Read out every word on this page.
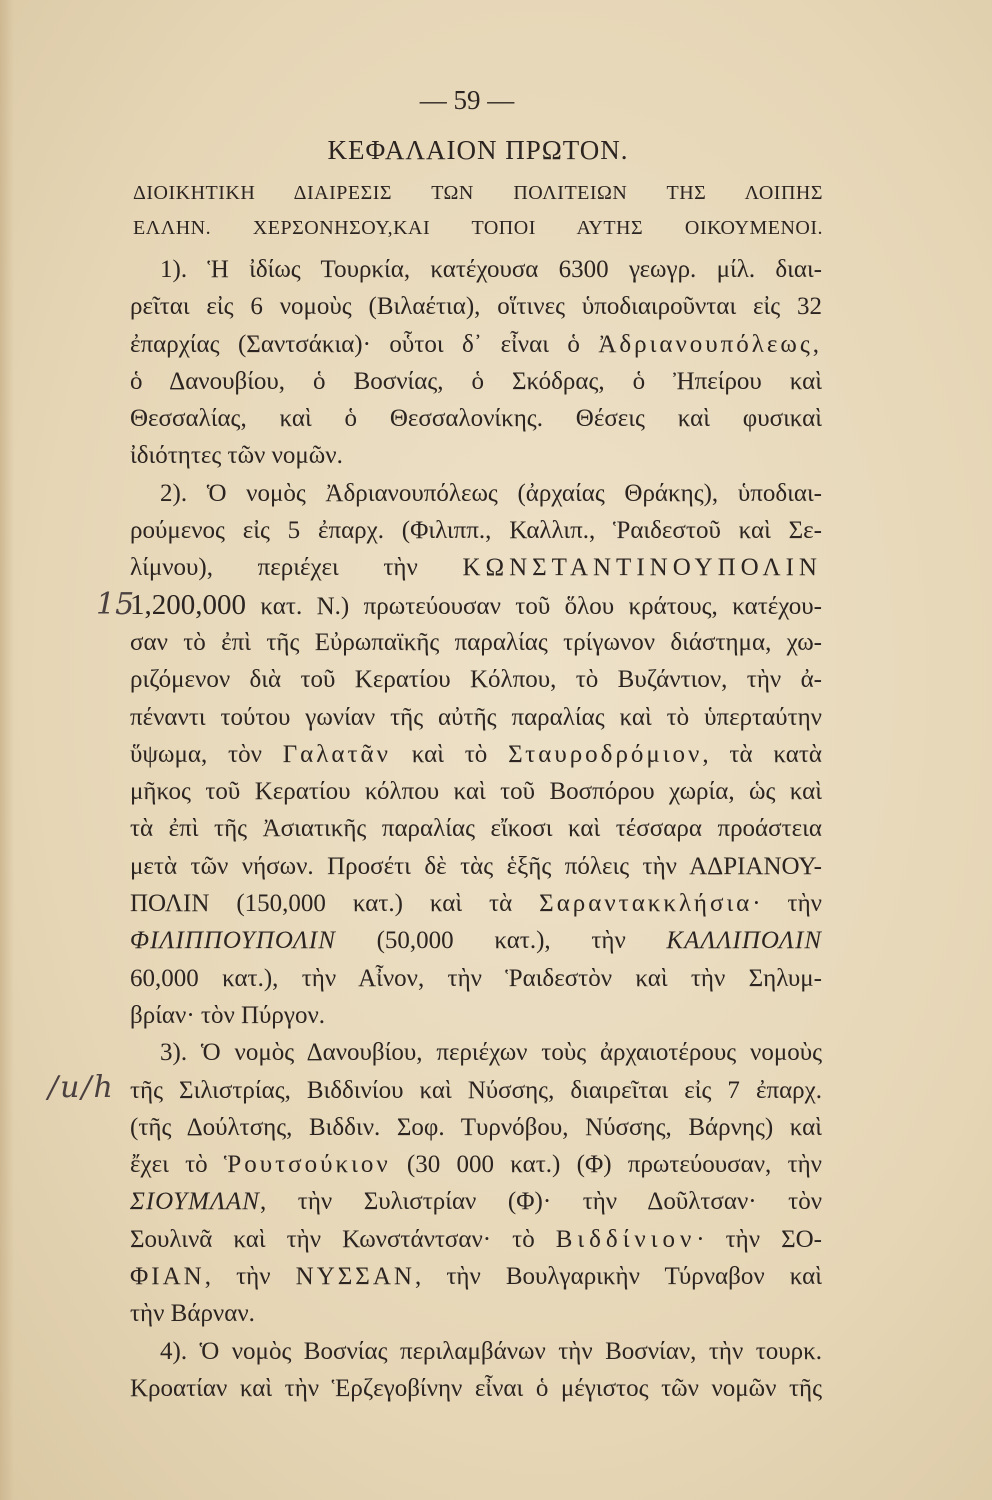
— 59 —
ΚΕΦΑΛΑΙΟΝ ΠΡΩΤΟΝ.
ΔΙΟΙΚΗΤΙΚΗ ΔΙΑΙΡΕΣΙΣ ΤΩΝ ΠΟΛΙΤΕΙΩΝ ΤΗΣ ΛΟΙΠΗΣ
ΕΛΛΗΝ. ΧΕΡΣΟΝΗΣΟΥ,ΚΑΙ ΤΟΠΟΙ ΑΥΤΗΣ ΟΙΚΟΥΜΕΝΟΙ.
15
/u/h
1). Ἡ ἰδίως Τουρκία, κατέχουσα 6300 γεωγρ. μίλ. διαι-
ρεῖται εἰς 6 νομοὺς (Βιλαέτια), οἵτινες ὑποδιαιροῦνται εἰς 32
ἐπαρχίας (Σαντσάκια)· οὗτοι δ᾽ εἶναι ὁ Ἀδριανουπόλεως,
ὁ Δανουβίου, ὁ Βοσνίας, ὁ Σκόδρας, ὁ Ἠπείρου καὶ
Θεσσαλίας, καὶ ὁ Θεσσαλονίκης. Θέσεις καὶ φυσικαὶ
ἰδιότητες τῶν νομῶν.
2). Ὁ νομὸς Ἀδριανουπόλεως (ἀρχαίας Θράκης), ὑποδιαι-
ρούμενος εἰς 5 ἐπαρχ. (Φιλιππ., Καλλιπ., Ῥαιδεστοῦ καὶ Σε-
λίμνου), περιέχει τὴν ΚΩΝΣΤΑΝΤΙΝΟΥΠΟΛΙΝ
1,200,000 κατ. Ν.) πρωτεύουσαν τοῦ ὅλου κράτους, κατέχου-
σαν τὸ ἐπὶ τῆς Εὐρωπαϊκῆς παραλίας τρίγωνον διάστημα, χω-
ριζόμενον διὰ τοῦ Κερατίου Κόλπου, τὸ Βυζάντιον, τὴν ἀ-
πέναντι τούτου γωνίαν τῆς αὐτῆς παραλίας καὶ τὸ ὑπερταύτην
ὕψωμα, τὸν Γαλατᾶν καὶ τὸ Σταυροδρόμιον, τὰ κατὰ
μῆκος τοῦ Κερατίου κόλπου καὶ τοῦ Βοσπόρου χωρία, ὡς καὶ
τὰ ἐπὶ τῆς Ἀσιατικῆς παραλίας εἴκοσι καὶ τέσσαρα προάστεια
μετὰ τῶν νήσων. Προσέτι δὲ τὰς ἑξῆς πόλεις τὴν ΑΔΡΙΑΝΟΥ-
ΠΟΛΙΝ (150,000 κατ.) καὶ τὰ Σαραντακκλήσια· τὴν
ΦΙΛΙΠΠΟΥΠΟΛΙΝ (50,000 κατ.), τὴν ΚΑΛΛΙΠΟΛΙΝ
60,000 κατ.), τὴν Αἶνον, τὴν Ῥαιδεστὸν καὶ τὴν Σηλυμ-
βρίαν· τὸν Πύργον.
3). Ὁ νομὸς Δανουβίου, περιέχων τοὺς ἀρχαιοτέρους νομοὺς
τῆς Σιλιστρίας, Βιδδινίου καὶ Νύσσης, διαιρεῖται εἰς 7 ἐπαρχ.
(τῆς Δούλτσης, Βιδδιν. Σοφ. Τυρνόβου, Νύσσης, Βάρνης) καὶ
ἔχει τὸ Ῥουτσούκιον (30 000 κατ.) (Φ) πρωτεύουσαν, τὴν
ΣΙΟΥΜΛΑΝ, τὴν Συλιστρίαν (Φ)· τὴν Δοῦλτσαν· τὸν
Σουλινᾶ καὶ τὴν Κωνστάντσαν· τὸ Βιδδίνιον· τὴν ΣΟ-
ΦΙΑΝ, τὴν ΝΥΣΣΑΝ, τὴν Βουλγαρικὴν Τύρναβον καὶ
τὴν Βάρναν.
4). Ὁ νομὸς Βοσνίας περιλαμβάνων τὴν Βοσνίαν, τὴν τουρκ.
Κροατίαν καὶ τὴν Ἑρζεγοβίνην εἶναι ὁ μέγιστος τῶν νομῶν τῆς
